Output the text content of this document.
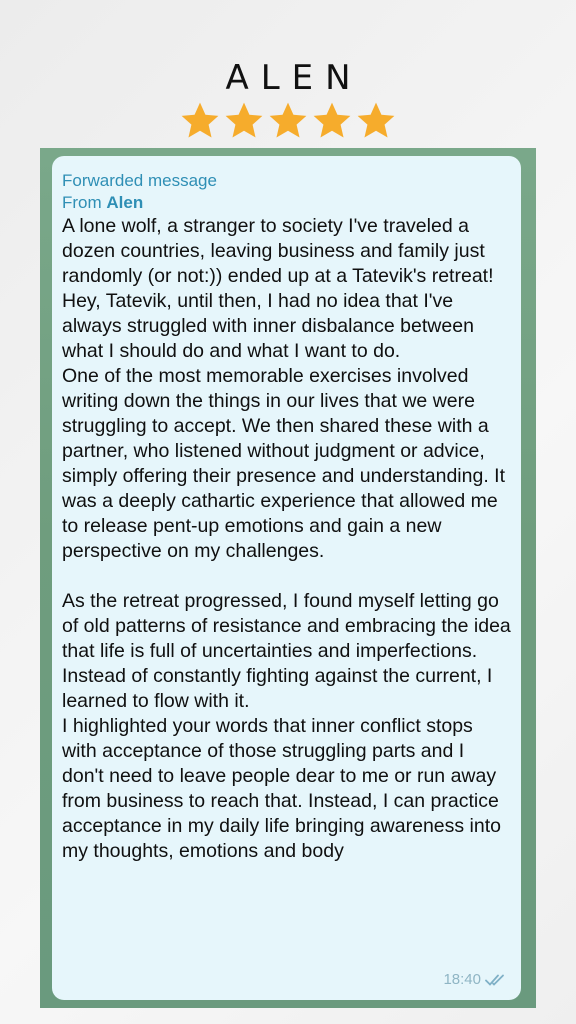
ALEN
Forwarded message
From Alen

A lone wolf, a stranger to society I've traveled a dozen countries, leaving business and family just randomly (or not:)) ended up at a Tatevik's retreat!

Hey, Tatevik, until then, I had no idea that I've always struggled with inner disbalance between what I should do and what I want to do.

One of the most memorable exercises involved writing down the things in our lives that we were struggling to accept. We then shared these with a partner, who listened without judgment or advice, simply offering their presence and understanding. It was a deeply cathartic experience that allowed me to release pent-up emotions and gain a new perspective on my challenges.

As the retreat progressed, I found myself letting go of old patterns of resistance and embracing the idea that life is full of uncertainties and imperfections. Instead of constantly fighting against the current, I learned to flow with it.

I highlighted your words that inner conflict stops with acceptance of those struggling parts and I don't need to leave people dear to me or run away from business to reach that. Instead, I can practice acceptance in my daily life bringing awareness into my thoughts, emotions and body

18:40
